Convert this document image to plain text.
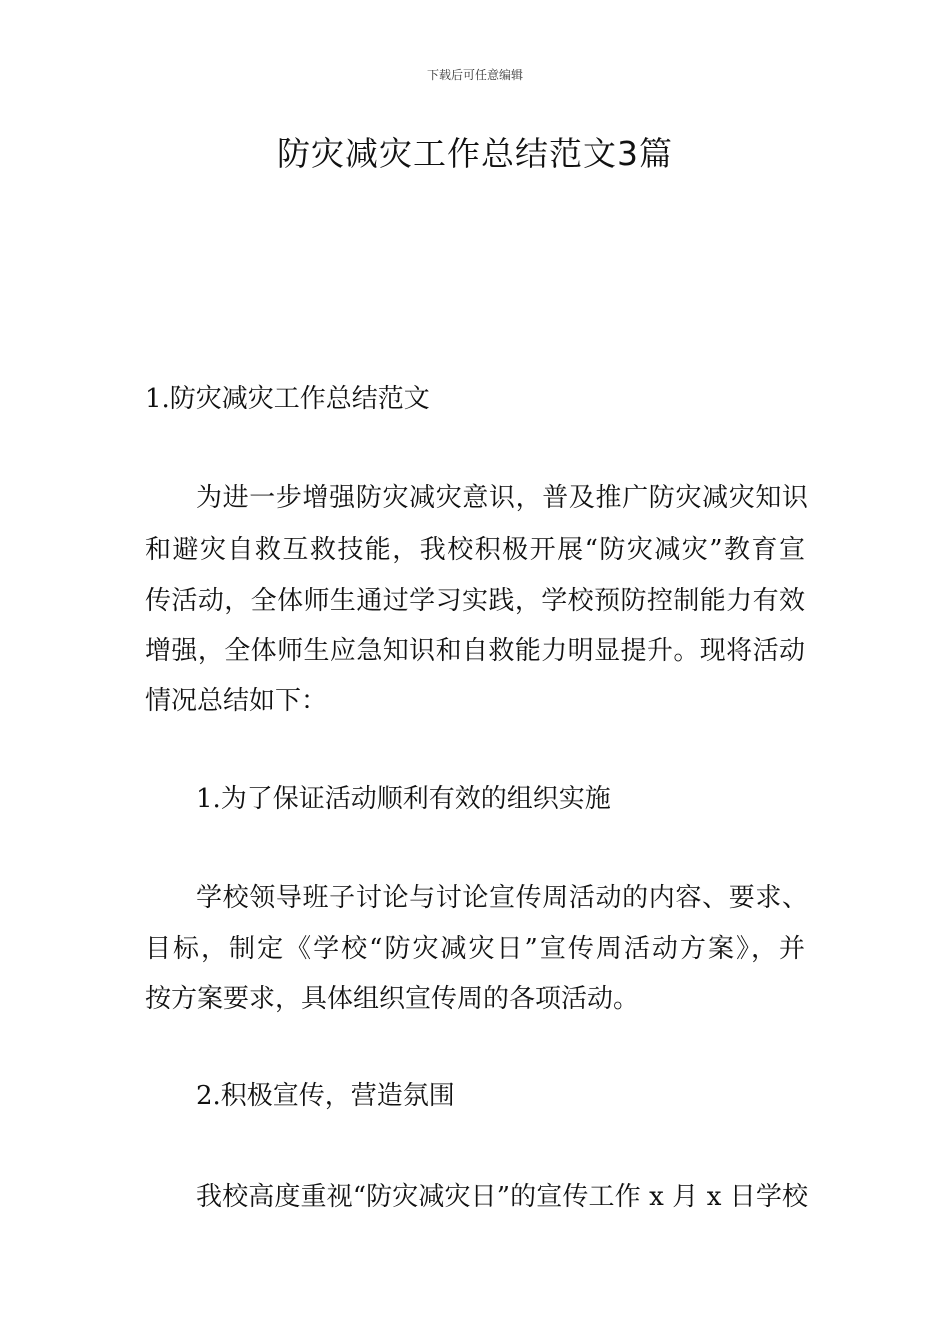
下载后可任意编辑
防灾减灾工作总结范文3篇
1.防灾减灾工作总结范文
为进一步增强防灾减灾意识，普及推广防灾减灾知识
和避灾自救互救技能，我校积极开展“防灾减灾”教育宣
传活动，全体师生通过学习实践，学校预防控制能力有效
增强，全体师生应急知识和自救能力明显提升。现将活动
情况总结如下：
1.为了保证活动顺利有效的组织实施
学校领导班子讨论与讨论宣传周活动的内容、要求、
目标，制定《学校“防灾减灾日”宣传周活动方案》，并
按方案要求，具体组织宣传周的各项活动。
2.积极宣传，营造氛围
我校高度重视“防灾减灾日”的宣传工作 x 月 x 日学校
